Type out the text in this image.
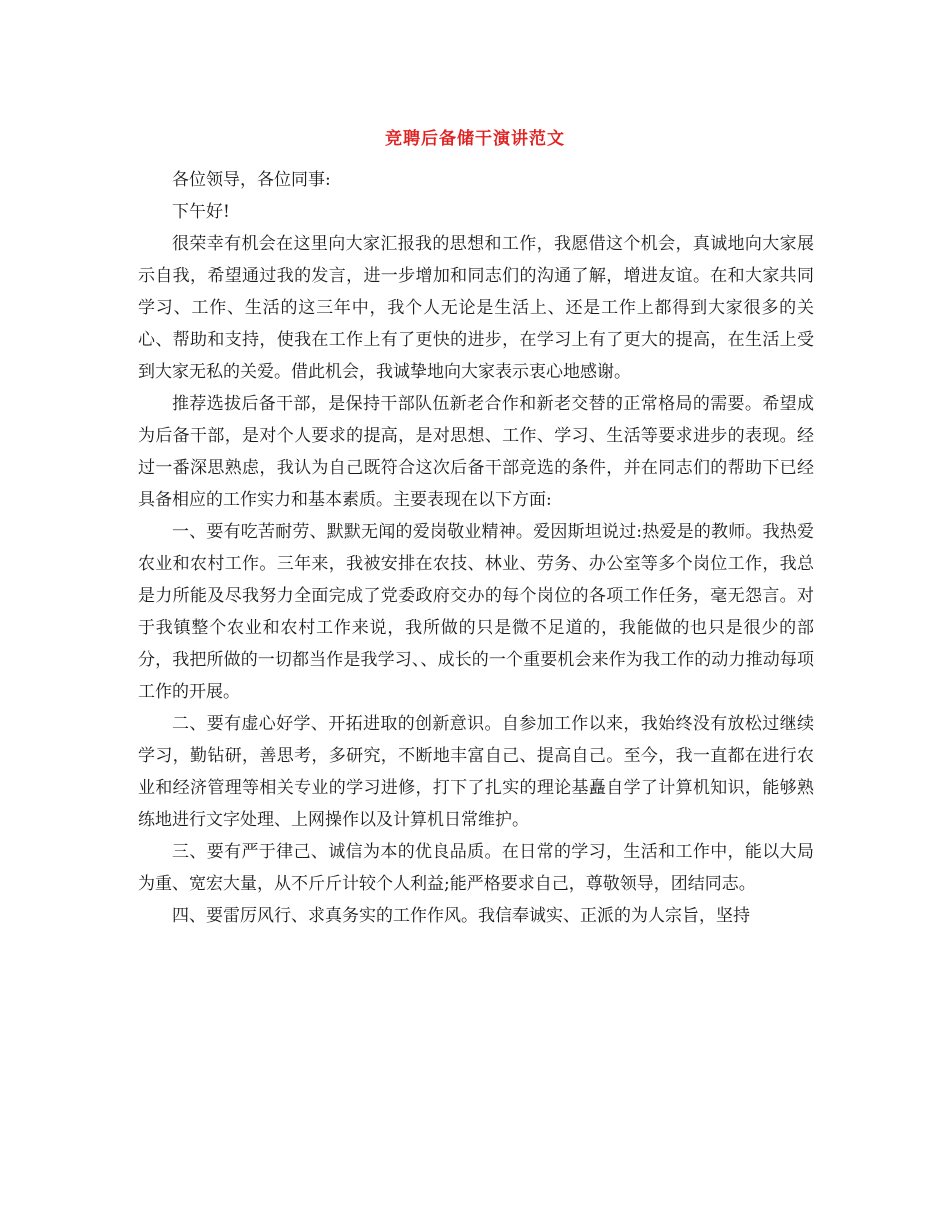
竞聘后备储干演讲范文

各位领导，各位同事:

下午好!

很荣幸有机会在这里向大家汇报我的思想和工作，我愿借这个机会，真诚地向大家展示自我，希望通过我的发言，进一步增加和同志们的沟通了解，增进友谊。在和大家共同学习、工作、生活的这三年中，我个人无论是生活上、还是工作上都得到大家很多的关心、帮助和支持，使我在工作上有了更快的进步，在学习上有了更大的提高，在生活上受到大家无私的关爱。借此机会，我诚挚地向大家表示衷心地感谢。

推荐选拔后备干部，是保持干部队伍新老合作和新老交替的正常格局的需要。希望成为后备干部，是对个人要求的提高，是对思想、工作、学习、生活等要求进步的表现。经过一番深思熟虑，我认为自己既符合这次后备干部竞选的条件，并在同志们的帮助下已经具备相应的工作实力和基本素质。主要表现在以下方面:

一、要有吃苦耐劳、默默无闻的爱岗敬业精神。爱因斯坦说过:热爱是的教师。我热爱农业和农村工作。三年来，我被安排在农技、林业、劳务、办公室等多个岗位工作，我总是力所能及尽我努力全面完成了党委政府交办的每个岗位的各项工作任务，毫无怨言。对于我镇整个农业和农村工作来说，我所做的只是微不足道的，我能做的也只是很少的部分，我把所做的一切都当作是我学习、、成长的一个重要机会来作为我工作的动力推动每项工作的开展。

二、要有虚心好学、开拓进取的创新意识。自参加工作以来，我始终没有放松过继续学习，勤钻研，善思考，多研究，不断地丰富自己、提高自己。至今，我一直都在进行农业和经济管理等相关专业的学习进修，打下了扎实的理论基矗自学了计算机知识，能够熟练地进行文字处理、上网操作以及计算机日常维护。

三、要有严于律己、诚信为本的优良品质。在日常的学习，生活和工作中，能以大局为重、宽宏大量，从不斤斤计较个人利益;能严格要求自己，尊敬领导，团结同志。

四、要雷厉风行、求真务实的工作作风。我信奉诚实、正派的为人宗旨，坚持
